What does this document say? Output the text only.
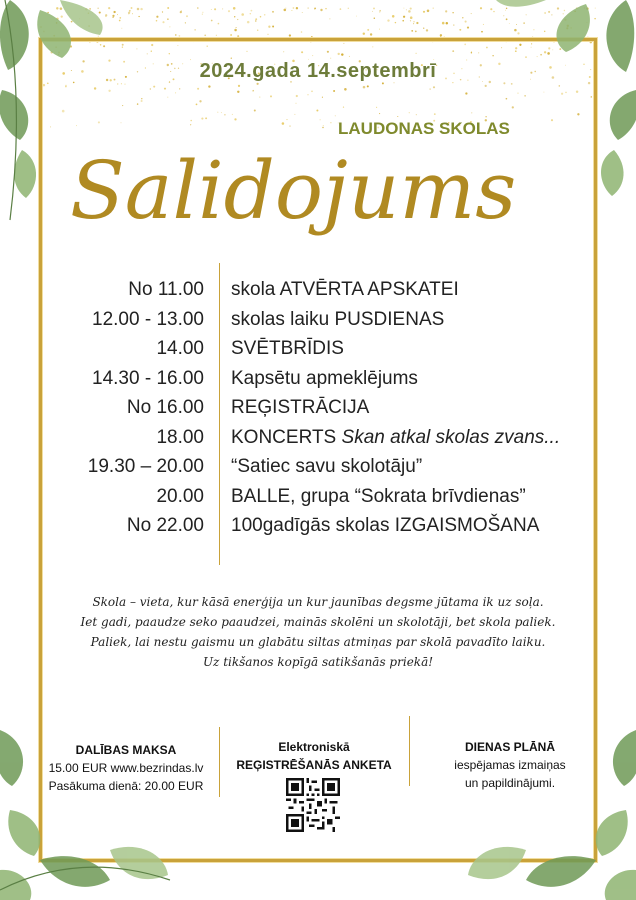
2024.gada 14.septembrī
Salidojums
LAUDONAS SKOLAS
No 11.00 skola ATVĒRTA APSKATEI
12.00 - 13.00 skolas laiku PUSDIENAS
14.00 SVĒTBRĪDIS
14.30 - 16.00 Kapsētu apmeklējums
No 16.00 REĢISTRĀCIJA
18.00 KONCERTS Skan atkal skolas zvans...
19.30 – 20.00 “Satiec savu skolotāju”
20.00 BALLE, grupa “Sokrata brīvdienas”
No 22.00 100gadīgās skolas IZGAISMOŠANA
Skola – vieta, kur kāsā enerģija un kur jaunības degsme jūtama ik uz soļa.
Iet gadi, paaudze seko paaudzei, mainās skolēni un skolotāji, bet skola paliek.
Paliek, lai nestu gaismu un glabātu siltas atmiņas par skolā pavadīto laiku.
Uz tikšanos kopīgā satikšanās priekā!
DALĪBAS MAKSA
15.00 EUR www.bezrindas.lv
Pasākuma dienā: 20.00 EUR
Elektroniskā
REĢISTRĒŠANĀS ANKETA
DIENAS PLĀNĀ
iespējamas izmaiņas
un papildinājumi.
